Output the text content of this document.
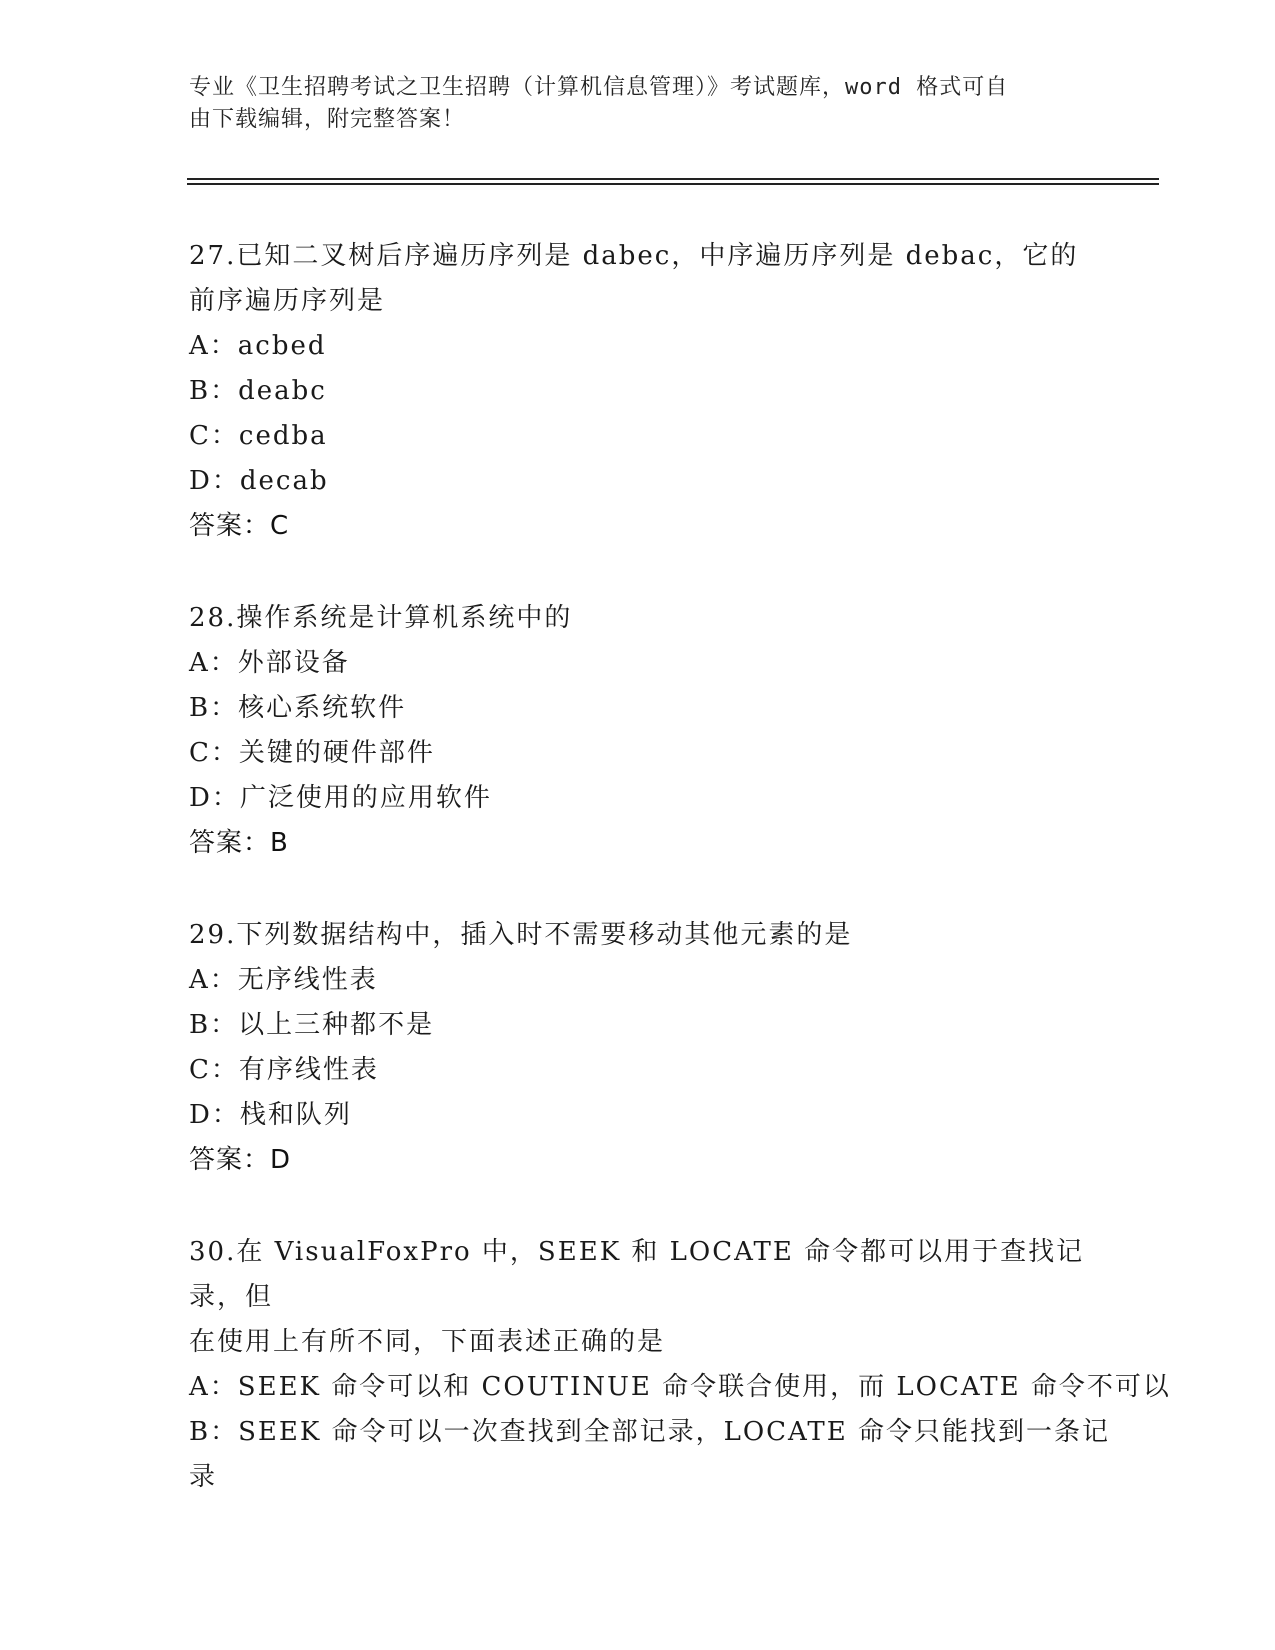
专业《卫生招聘考试之卫生招聘（计算机信息管理）》考试题库，word 格式可自
由下载编辑，附完整答案！

27.已知二叉树后序遍历序列是 dabec，中序遍历序列是 debac，它的

前序遍历序列是

A：acbed

B：deabc

C：cedba

D：decab

答案：C

28.操作系统是计算机系统中的

A：外部设备

B：核心系统软件

C：关键的硬件部件

D：广泛使用的应用软件

答案：B

29.下列数据结构中，插入时不需要移动其他元素的是

A：无序线性表

B：以上三种都不是

C：有序线性表

D：栈和队列

答案：D

30.在 VisualFoxPro 中，SEEK 和 LOCATE 命令都可以用于查找记录，但

在使用上有所不同，下面表述正确的是

A：SEEK 命令可以和 COUTINUE 命令联合使用，而 LOCATE 命令不可以

B：SEEK 命令可以一次查找到全部记录，LOCATE 命令只能找到一条记

录
